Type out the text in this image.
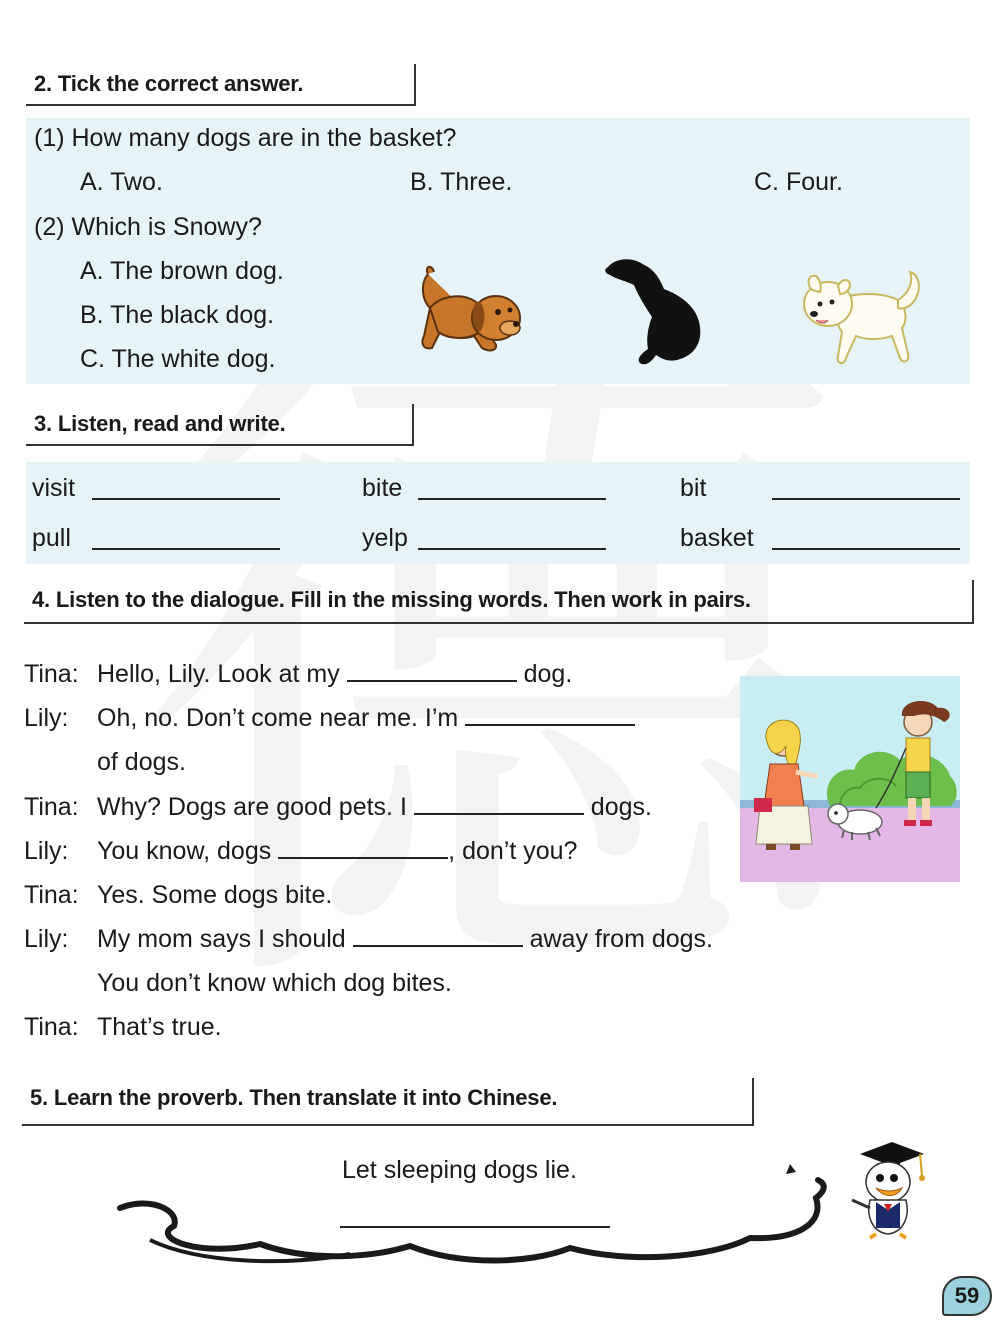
2. Tick the correct answer.
(1) How many dogs are in the basket?
A. Two.	B. Three.	C. Four.
(2) Which is Snowy?
A. The brown dog.
B. The black dog.
C. The white dog.
3. Listen, read and write.
visit	bite	bit
pull	yelp	basket
4. Listen to the dialogue. Fill in the missing words. Then work in pairs.
Tina: Hello, Lily. Look at my	dog.
Lily: Oh, no. Don’t come near me. I’m
of dogs.
Tina: Why? Dogs are good pets. I	dogs.
Lily: You know, dogs	, don’t you?
Tina: Yes. Some dogs bite.
Lily: My mom says I should	away from dogs.
You don’t know which dog bites.
Tina: That’s true.
5. Learn the proverb. Then translate it into Chinese.
Let sleeping dogs lie.
59
